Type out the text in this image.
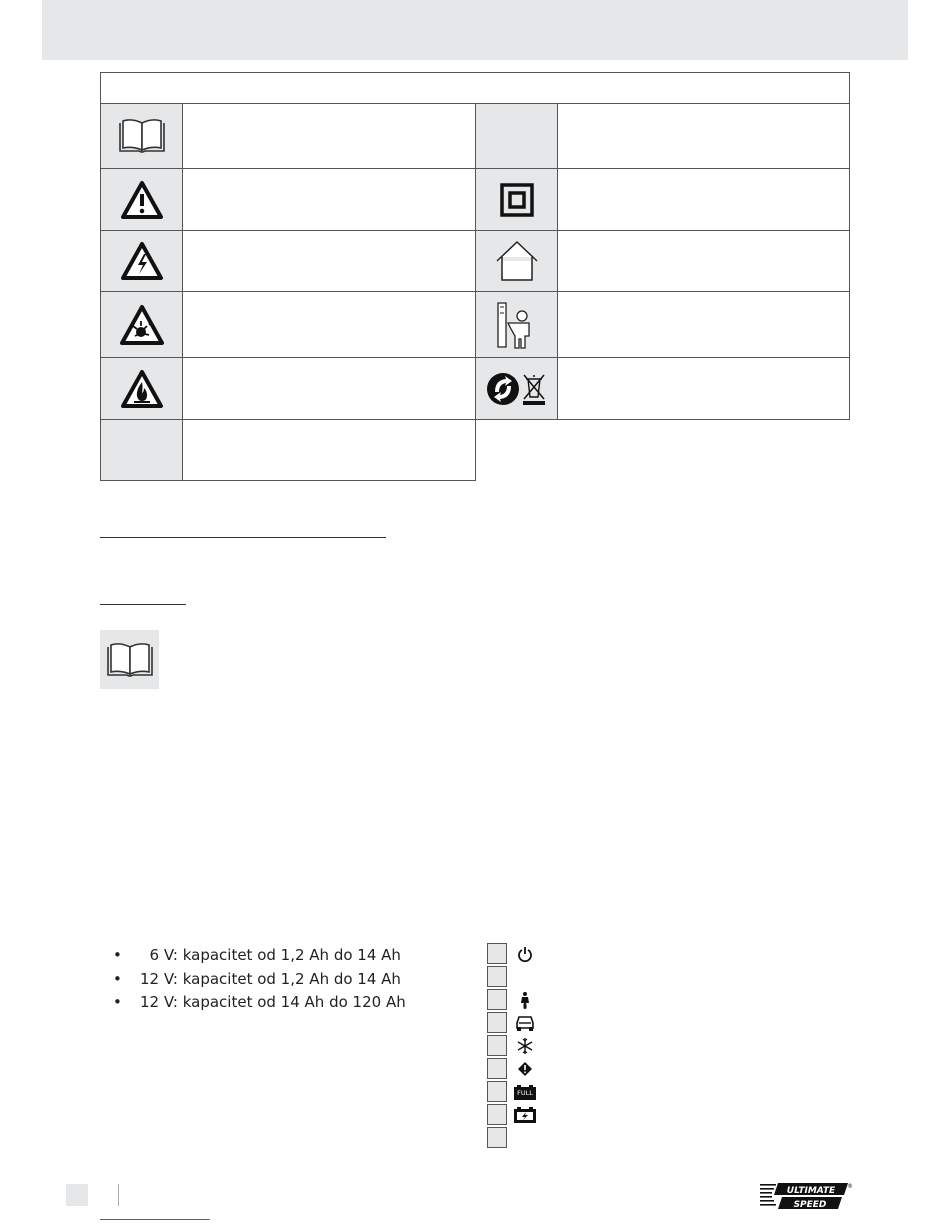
•   6 V: kapacitet od 1,2 Ah do 14 Ah
• 12 V: kapacitet od 1,2 Ah do 14 Ah
• 12 V: kapacitet od 14 Ah do 120 Ah
FULL
ULTIMATE
SPEED
®
